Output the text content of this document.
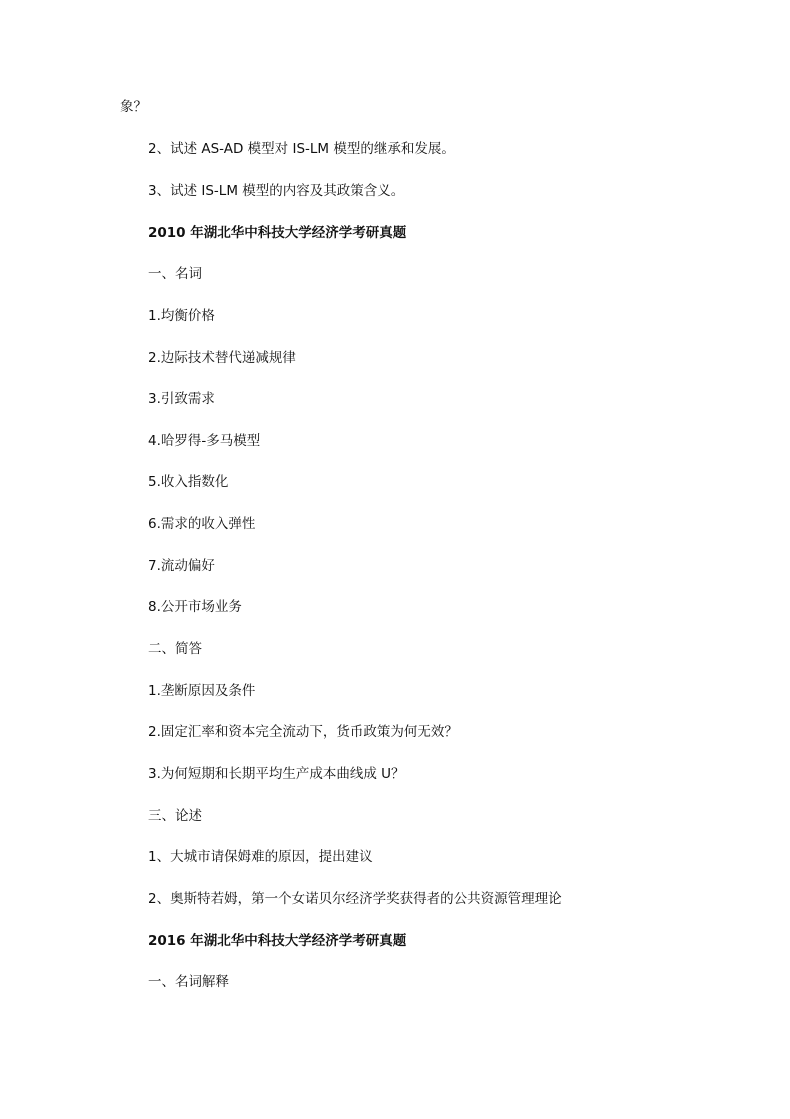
象？
2、试述 AS-AD 模型对 IS-LM 模型的继承和发展。
3、试述 IS-LM 模型的内容及其政策含义。
2010 年湖北华中科技大学经济学考研真题
一、名词
1.均衡价格
2.边际技术替代递减规律
3.引致需求
4.哈罗得-多马模型
5.收入指数化
6.需求的收入弹性
7.流动偏好
8.公开市场业务
二、简答
1.垄断原因及条件
2.固定汇率和资本完全流动下，货币政策为何无效？
3.为何短期和长期平均生产成本曲线成 U？
三、论述
1、大城市请保姆难的原因，提出建议
2、奥斯特若姆，第一个女诺贝尔经济学奖获得者的公共资源管理理论
2016 年湖北华中科技大学经济学考研真题
一、名词解释
